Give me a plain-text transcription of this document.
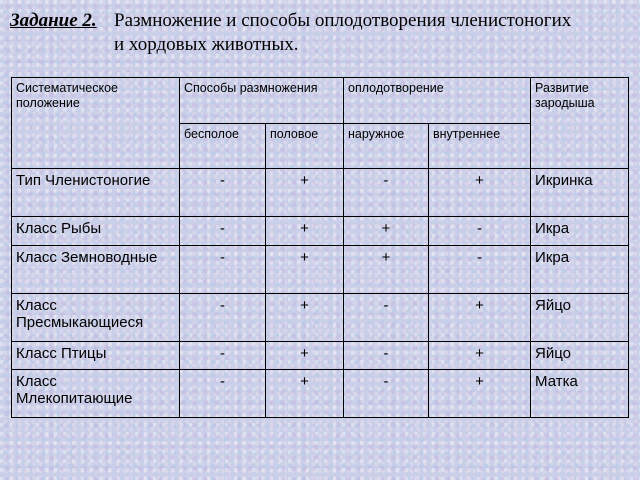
Задание 2. Размножение и способы оплодотворения членистоногих
и хордовых животных.
Систематическое положение	Способы размножения		оплодотворение		Развитие зародыша
	бесполое	половое	наружное	внутреннее	
Тип Членистоногие	-	+	-	+	Икринка
Класс Рыбы	-	+	+	-	Икра
Класс Земноводные	-	+	+	-	Икра
Класс Пресмыкающиеся	-	+	-	+	Яйцо
Класс Птицы	-	+	-	+	Яйцо
Класс Млекопитающие	-	+	-	+	Матка
